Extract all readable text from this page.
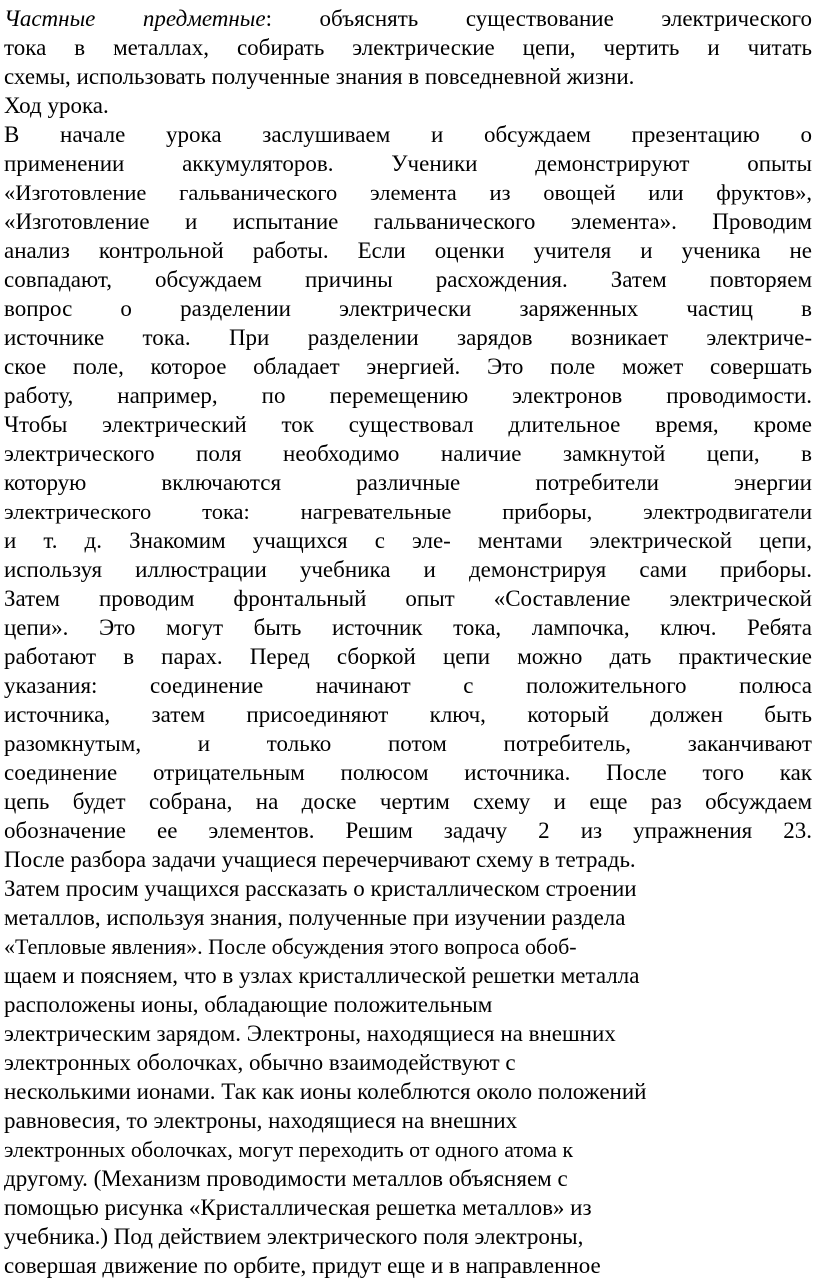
Частные предметные: объяснять существование электрического
тока в металлах, собирать электрические цепи, чертить и читать
схемы, использовать полученные знания в повседневной жизни.
Ход урока.
В начале урока заслушиваем и обсуждаем презентацию о
применении аккумуляторов. Ученики демонстрируют опыты
«Изготовление гальванического элемента из овощей или фруктов»,
«Изготовление и испытание гальванического элемента». Проводим
анализ контрольной работы. Если оценки учителя и ученика не
совпадают, обсуждаем причины расхождения. Затем повторяем
вопрос о разделении электрически заряженных частиц в
источнике тока. При разделении зарядов возникает электриче-
ское поле, которое обладает энергией. Это поле может совершать
работу, например, по перемещению электронов проводимости.
Чтобы электрический ток существовал длительное время, кроме
электрического поля необходимо наличие замкнутой цепи, в
которую включаются различные потребители энергии
электрического тока: нагревательные приборы, электродвигатели
и т. д. Знакомим учащихся с эле- ментами электрической цепи,
используя иллюстрации учебника и демонстрируя сами приборы.
Затем проводим фронтальный опыт «Составление электрической
цепи». Это могут быть источник тока, лампочка, ключ. Ребята
работают в парах. Перед сборкой цепи можно дать практические
указания: соединение начинают с положительного полюса
источника, затем присоединяют ключ, который должен быть
разомкнутым, и только потом потребитель, заканчивают
соединение отрицательным полюсом источника. После того как
цепь будет собрана, на доске чертим схему и еще раз обсуждаем
обозначение ее элементов. Решим задачу 2 из упражнения 23.
После разбора задачи учащиеся перечерчивают схему в тетрадь.
Затем просим учащихся рассказать о кристаллическом строении
металлов, используя знания, полученные при изучении раздела
«Тепловые явления». После обсуждения этого вопроса обоб-
щаем и поясняем, что в узлах кристаллической решетки металла
расположены ионы, обладающие положительным
электрическим зарядом. Электроны, находящиеся на внешних
электронных оболочках, обычно взаимодействуют с
несколькими ионами. Так как ионы колеблются около положений
равновесия, то электроны, находящиеся на внешних
электронных оболочках, могут переходить от одного атома к
другому. (Механизм проводимости металлов объясняем с
помощью рисунка «Кристаллическая решетка металлов» из
учебника.) Под действием электрического поля электроны,
совершая движение по орбите, придут еще и в направленное
